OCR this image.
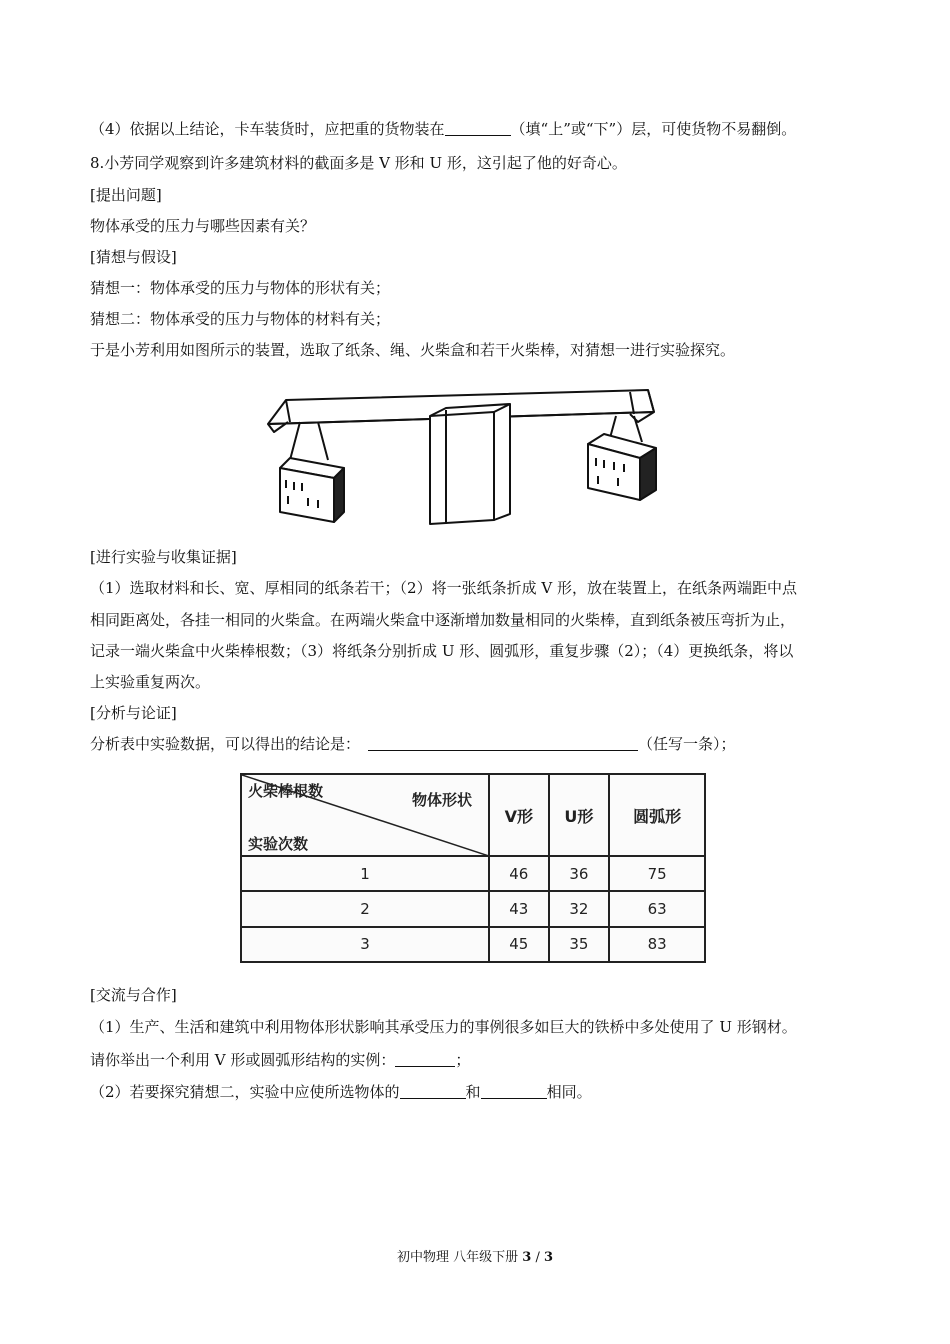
（4）依据以上结论，卡车装货时，应把重的货物装在	（填“上”或“下”）层，可使货物不易翻倒。
8.小芳同学观察到许多建筑材料的截面多是 V 形和 U 形，这引起了他的好奇心。
[提出问题]
物体承受的压力与哪些因素有关？
[猜想与假设]
猜想一：物体承受的压力与物体的形状有关；
猜想二：物体承受的压力与物体的材料有关；
于是小芳利用如图所示的装置，选取了纸条、绳、火柴盒和若干火柴棒，对猜想一进行实验探究。
[进行实验与收集证据]
（1）选取材料和长、宽、厚相同的纸条若干；（2）将一张纸条折成 V 形，放在装置上，在纸条两端距中点
相同距离处，各挂一相同的火柴盒。在两端火柴盒中逐渐增加数量相同的火柴棒，直到纸条被压弯折为止，
记录一端火柴盒中火柴棒根数；（3）将纸条分别折成 U 形、圆弧形，重复步骤（2）；（4）更换纸条，将以
上实验重复两次。
[分析与论证]
分析表中实验数据，可以得出的结论是：	（任写一条）；
火柴棒根数 物体形状
实验次数	V形	U形	圆弧形
1	46	36	75
2	43	32	63
3	45	35	83
[交流与合作]
（1）生产、生活和建筑中利用物体形状影响其承受压力的事例很多如巨大的铁桥中多处使用了 U 形钢材。
请你举出一个利用 V 形或圆弧形结构的实例：	；
（2）若要探究猜想二，实验中应使所选物体的	和	相同。
初中物理 八年级下册 3 / 3
